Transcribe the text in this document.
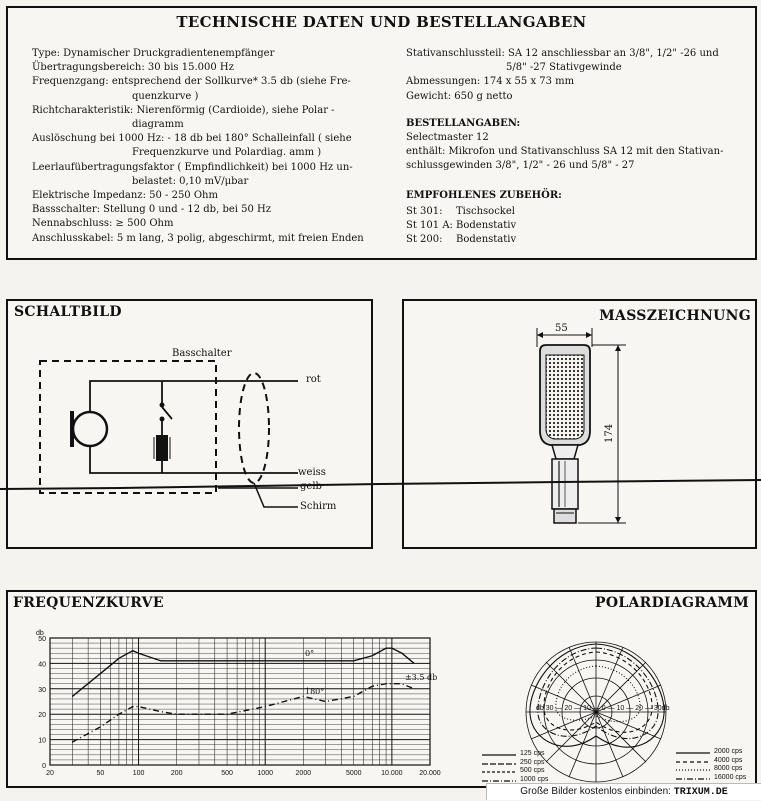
TECHNISCHE DATEN UND BESTELLANGABEN
Type: Dynamischer Druckgradientenempfänger
Übertragungsbereich: 30 bis 15.000 Hz
Frequenzgang: entsprechend der Sollkurve* 3.5 db (siehe Fre-
quenzkurve )
Richtcharakteristik: Nierenförmig (Cardioide), siehe Polar -
diagramm
Auslöschung bei 1000 Hz: - 18 db bei 180° Schalleinfall ( siehe
Frequenzkurve und Polardiag. amm )
Leerlaufübertragungsfaktor ( Empfindlichkeit) bei 1000 Hz un-
belastet: 0,10 mV/μbar
Elektrische Impedanz: 50 - 250 Ohm
Bassschalter: Stellung 0 und - 12 db, bei 50 Hz
Nennabschluss: ≥ 500 Ohm
Anschlusskabel: 5 m lang, 3 polig, abgeschirmt, mit freien Enden
Stativanschlussteil: SA 12 anschliessbar an 3/8", 1/2" -26 und
5/8" -27 Stativgewinde
Abmessungen: 174 x 55 x 73 mm
Gewicht: 650 g netto
BESTELLANGABEN:
Selectmaster 12
enthält: Mikrofon und Stativanschluss SA 12 mit den Stativan-
schlussgewinden 3/8", 1/2" - 26 und 5/8" - 27
EMPFOHLENES ZUBEHÖR:
St 301: Tischsockel
St 101 A: Bodenstativ
St 200: Bodenstativ
SCHALTBILD
Basschalter
rot
weiss
gelb
Schirm
MASSZEICHNUNG
55
174
FREQUENZKURVE	POLARDIAGRAMM
50
40
30
20
10
0
20	50	100	200	500	1000	2000	5000	10.000 20.000
db
0°
180°
±3.5 db
db 30 — 20 — 10 — 0 — 10 — 20 — 30db
125 cps
250 cps
500 cps
1000 cps
2000 cps
4000 cps
8000 cps
16000 cps
Große Bilder kostenlos einbinden: TRIXUM.DE
